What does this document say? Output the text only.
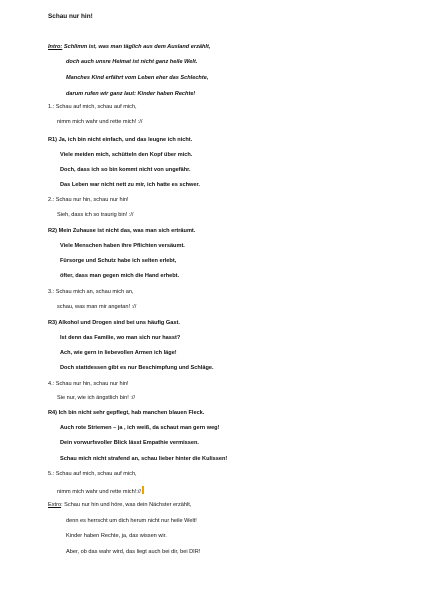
Schau nur hin!
Intro: Schlimm ist, was man täglich aus dem Ausland erzählt,
doch auch unsre Heimat ist nicht ganz heile Welt.
Manches Kind erfährt vom Leben eher das Schlechte,
darum rufen wir ganz laut: Kinder haben Rechte!
1.: Schau auf mich, schau auf mich,
nimm mich wahr und rette mich! ://
R1) Ja, ich bin nicht einfach, und das leugne ich nicht.
Viele meiden mich, schütteln den Kopf über mich.
Doch, dass ich so bin kommt nicht von ungefähr.
Das Leben war nicht nett zu mir, ich hatte es schwer.
2.: Schau nur hin, schau nur hin!
Sieh, dass ich so traurig bin! ://
R2) Mein Zuhause ist nicht das, was man sich erträumt.
Viele Menschen haben ihre Pflichten versäumt.
Fürsorge und Schutz habe ich selten erlebt,
öfter, dass man gegen mich die Hand erhebt.
3.: Schau mich an, schau mich an,
schau, was man mir angetan! ://
R3) Alkohol und Drogen sind bei uns häufig Gast.
Ist denn das Familie, wo man sich nur hasst?
Ach, wie gern in liebevollen Armen ich läge!
Doch stattdessen gibt es nur Beschimpfung und Schläge.
4.: Schau nur hin, schau nur hin!
Sie nur, wie ich ängstlich bin! ://
R4) Ich bin nicht sehr gepflegt, hab manchen blauen Fleck.
Auch rote Striemen – ja , ich weiß, da schaut man gern weg!
Dein vorwurfsvoller Blick lässt Empathie vermissen.
Schau mich nicht strafend an, schau lieber hinter die Kulissen!
5.: Schau auf mich, schau auf mich,
nimm mich wahr und rette mich!://
Extro: Schau nur hin und höre, was dein Nächster erzählt,
denn es herrscht um dich herum nicht nur heile Welt!
Kinder haben Rechte, ja, das wissen wir.
Aber, ob das wahr wird, das liegt auch bei dir, bei DIR!
